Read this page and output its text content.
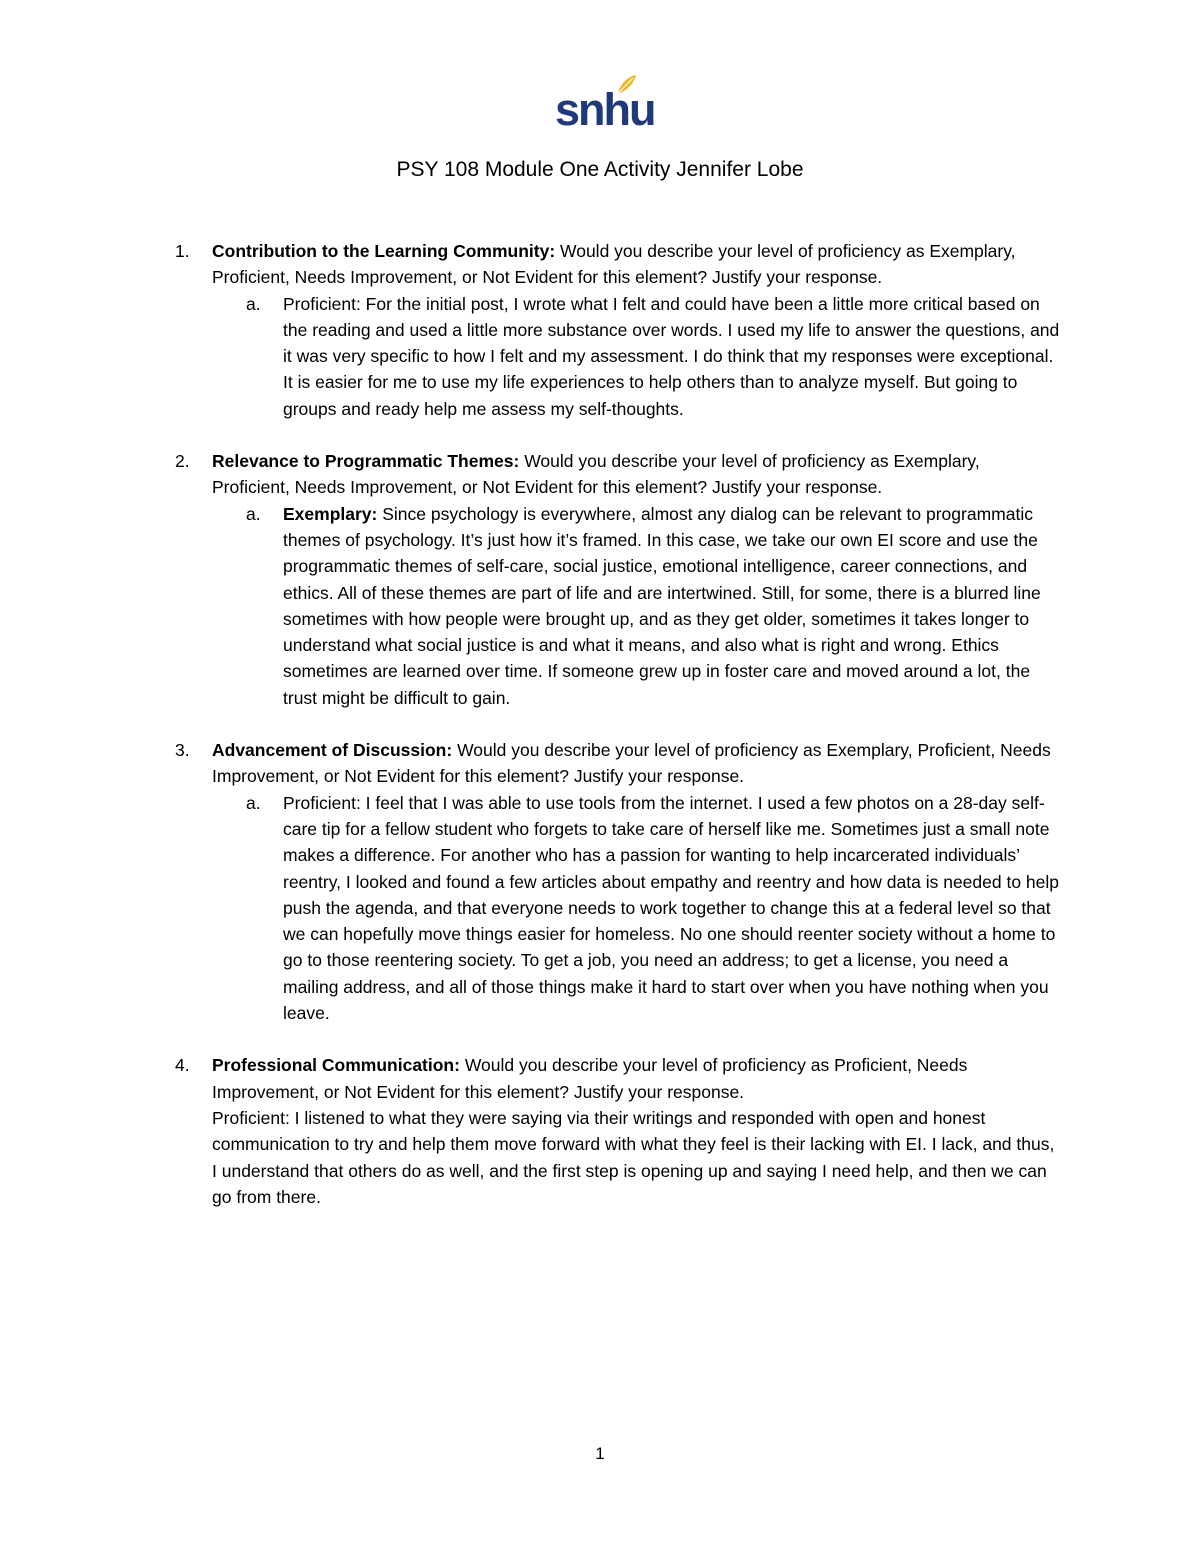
snhu
PSY 108 Module One Activity Jennifer Lobe
1. Contribution to the Learning Community: Would you describe your level of proficiency as Exemplary, Proficient, Needs Improvement, or Not Evident for this element? Justify your response.

a. Proficient: For the initial post, I wrote what I felt and could have been a little more critical based on the reading and used a little more substance over words. I used my life to answer the questions, and it was very specific to how I felt and my assessment. I do think that my responses were exceptional. It is easier for me to use my life experiences to help others than to analyze myself. But going to groups and ready help me assess my self-thoughts.

2. Relevance to Programmatic Themes: Would you describe your level of proficiency as Exemplary, Proficient, Needs Improvement, or Not Evident for this element? Justify your response.

a. Exemplary: Since psychology is everywhere, almost any dialog can be relevant to programmatic themes of psychology. It’s just how it’s framed. In this case, we take our own EI score and use the programmatic themes of self-care, social justice, emotional intelligence, career connections, and ethics. All of these themes are part of life and are intertwined. Still, for some, there is a blurred line sometimes with how people were brought up, and as they get older, sometimes it takes longer to understand what social justice is and what it means, and also what is right and wrong. Ethics sometimes are learned over time. If someone grew up in foster care and moved around a lot, the trust might be difficult to gain.

3. Advancement of Discussion: Would you describe your level of proficiency as Exemplary, Proficient, Needs Improvement, or Not Evident for this element? Justify your response.

a. Proficient: I feel that I was able to use tools from the internet. I used a few photos on a 28-day self-care tip for a fellow student who forgets to take care of herself like me. Sometimes just a small note makes a difference. For another who has a passion for wanting to help incarcerated individuals’ reentry, I looked and found a few articles about empathy and reentry and how data is needed to help push the agenda, and that everyone needs to work together to change this at a federal level so that we can hopefully move things easier for homeless. No one should reenter society without a home to go to those reentering society. To get a job, you need an address; to get a license, you need a mailing address, and all of those things make it hard to start over when you have nothing when you leave.

4. Professional Communication: Would you describe your level of proficiency as Proficient, Needs Improvement, or Not Evident for this element? Justify your response.

Proficient: I listened to what they were saying via their writings and responded with open and honest communication to try and help them move forward with what they feel is their lacking with EI. I lack, and thus, I understand that others do as well, and the first step is opening up and saying I need help, and then we can go from there.

1
